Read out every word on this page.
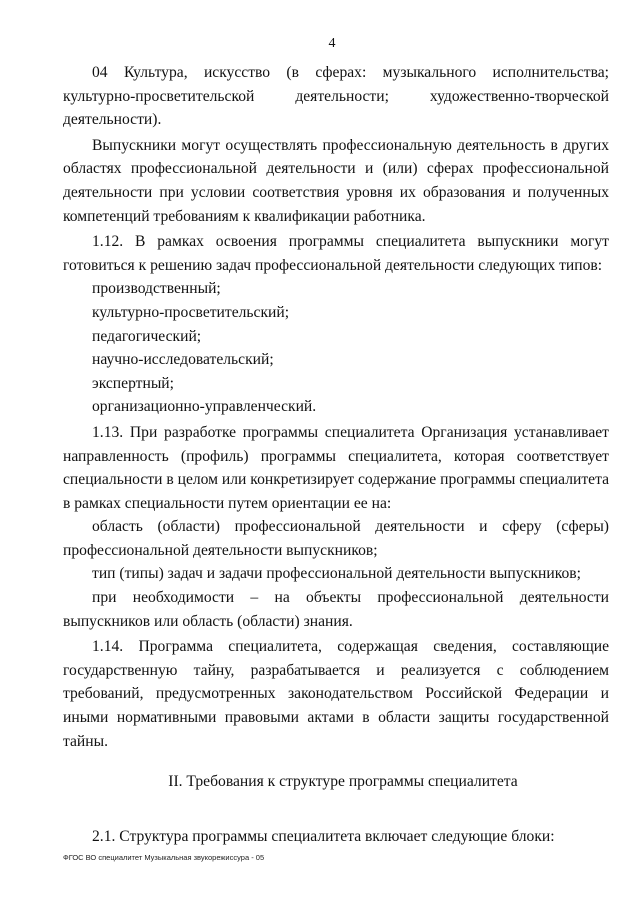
4

04 Культура, искусство (в сферах: музыкального исполнительства; культурно-просветительской деятельности; художественно-творческой деятельности).

Выпускники могут осуществлять профессиональную деятельность в других областях профессиональной деятельности и (или) сферах профессиональной деятельности при условии соответствия уровня их образования и полученных компетенций требованиям к квалификации работника.

1.12. В рамках освоения программы специалитета выпускники могут готовиться к решению задач профессиональной деятельности следующих типов:

производственный;

культурно-просветительский;

педагогический;

научно-исследовательский;

экспертный;

организационно-управленческий.

1.13. При разработке программы специалитета Организация устанавливает направленность (профиль) программы специалитета, которая соответствует специальности в целом или конкретизирует содержание программы специалитета в рамках специальности путем ориентации ее на:

область (области) профессиональной деятельности и сферу (сферы) профессиональной деятельности выпускников;

тип (типы) задач и задачи профессиональной деятельности выпускников;

при необходимости – на объекты профессиональной деятельности выпускников или область (области) знания.

1.14. Программа специалитета, содержащая сведения, составляющие государственную тайну, разрабатывается и реализуется с соблюдением требований, предусмотренных законодательством Российской Федерации и иными нормативными правовыми актами в области защиты государственной тайны.

II. Требования к структуре программы специалитета

2.1. Структура программы специалитета включает следующие блоки:

ФГОС ВО специалитет Музыкальная звукорежиссура - 05
